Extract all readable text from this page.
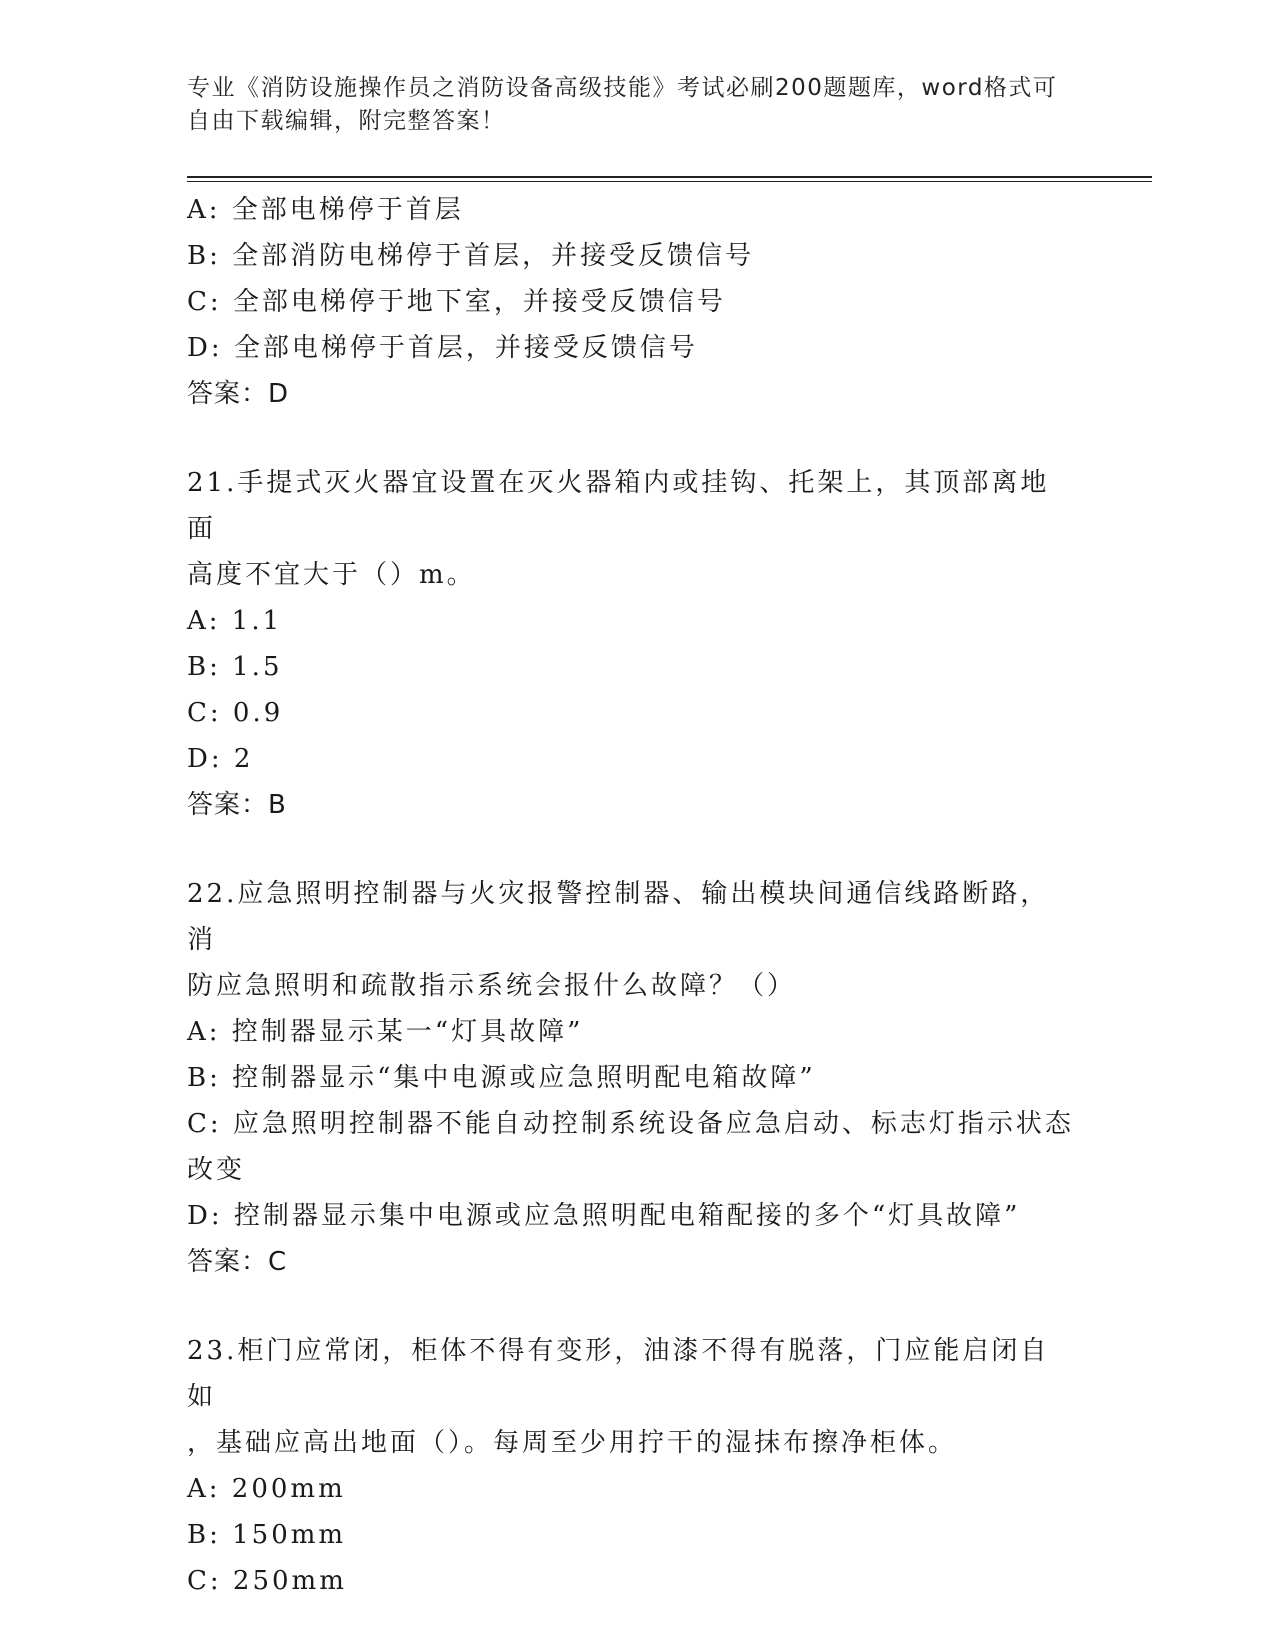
专业《消防设施操作员之消防设备高级技能》考试必刷200题题库，word格式可
自由下载编辑，附完整答案！
A: 全部电梯停于首层
B: 全部消防电梯停于首层，并接受反馈信号
C: 全部电梯停于地下室，并接受反馈信号
D: 全部电梯停于首层，并接受反馈信号
答案：D
21.手提式灭火器宜设置在灭火器箱内或挂钩、托架上，其顶部离地面
高度不宜大于（）m。
A: 1.1
B: 1.5
C: 0.9
D: 2
答案：B
22.应急照明控制器与火灾报警控制器、输出模块间通信线路断路，消
防应急照明和疏散指示系统会报什么故障？（）
A: 控制器显示某一“灯具故障”
B: 控制器显示“集中电源或应急照明配电箱故障”
C: 应急照明控制器不能自动控制系统设备应急启动、标志灯指示状态
改变
D: 控制器显示集中电源或应急照明配电箱配接的多个“灯具故障”
答案：C
23.柜门应常闭，柜体不得有变形，油漆不得有脱落，门应能启闭自如
，基础应高出地面（）。每周至少用拧干的湿抹布擦净柜体。
A: 200mm
B: 150mm
C: 250mm
